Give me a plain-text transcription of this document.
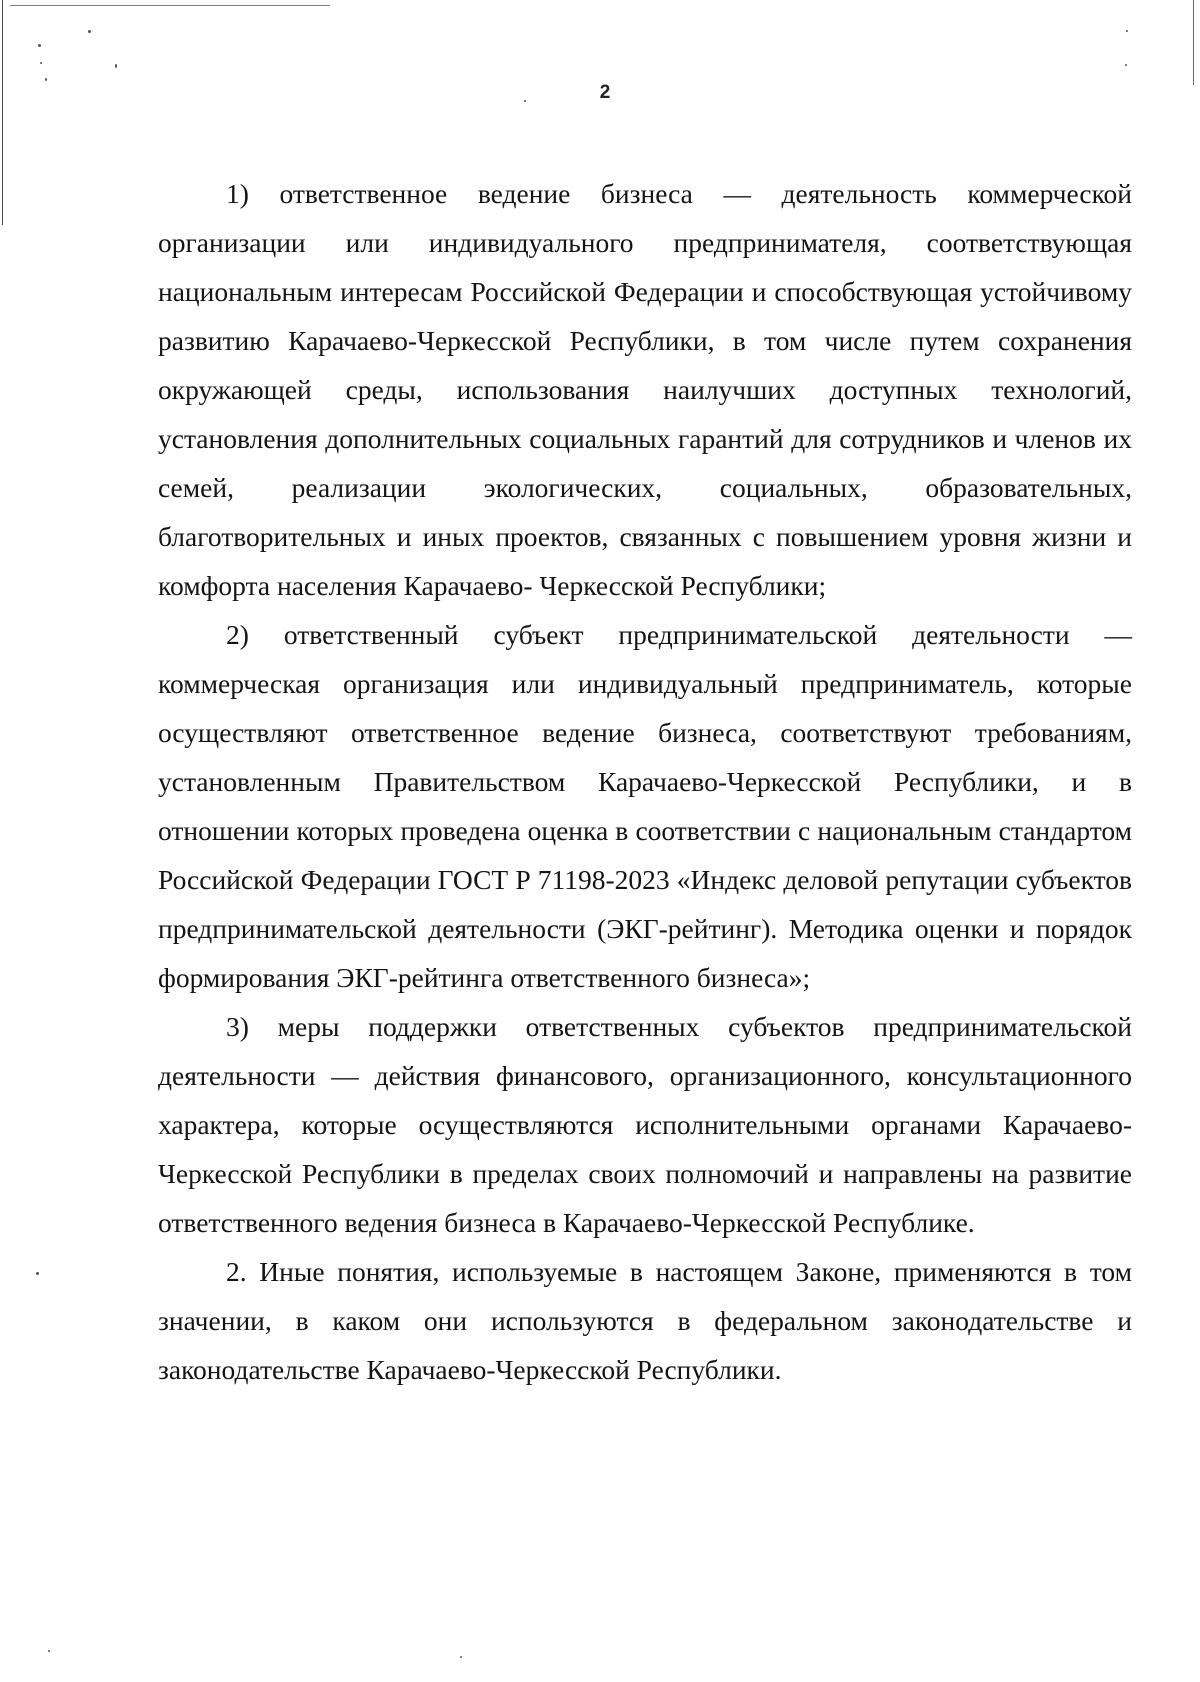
2

1) ответственное ведение бизнеса — деятельность коммерческой организации или индивидуального предпринимателя, соответствующая национальным интересам Российской Федерации и способствующая устойчивому развитию Карачаево-Черкесской Республики, в том числе путем сохранения окружающей среды, использования наилучших доступных технологий, установления дополнительных социальных гарантий для сотрудников и членов их семей, реализации экологических, социальных, образовательных, благотворительных и иных проектов, связанных с повышением уровня жизни и комфорта населения Карачаево- Черкесской Республики;

2) ответственный субъект предпринимательской деятельности — коммерческая организация или индивидуальный предприниматель, которые осуществляют ответственное ведение бизнеса, соответствуют требованиям, установленным Правительством Карачаево-Черкесской Республики, и в отношении которых проведена оценка в соответствии с национальным стандартом Российской Федерации ГОСТ Р 71198-2023 «Индекс деловой репутации субъектов предпринимательской деятельности (ЭКГ-рейтинг). Методика оценки и порядок формирования ЭКГ-рейтинга ответственного бизнеса»;

3) меры поддержки ответственных субъектов предпринимательской деятельности — действия финансового, организационного, консультационного характера, которые осуществляются исполнительными органами Карачаево-Черкесской Республики в пределах своих полномочий и направлены на развитие ответственного ведения бизнеса в Карачаево-Черкесской Республике.

2. Иные понятия, используемые в настоящем Законе, применяются в том значении, в каком они используются в федеральном законодательстве и законодательстве Карачаево-Черкесской Республики.
